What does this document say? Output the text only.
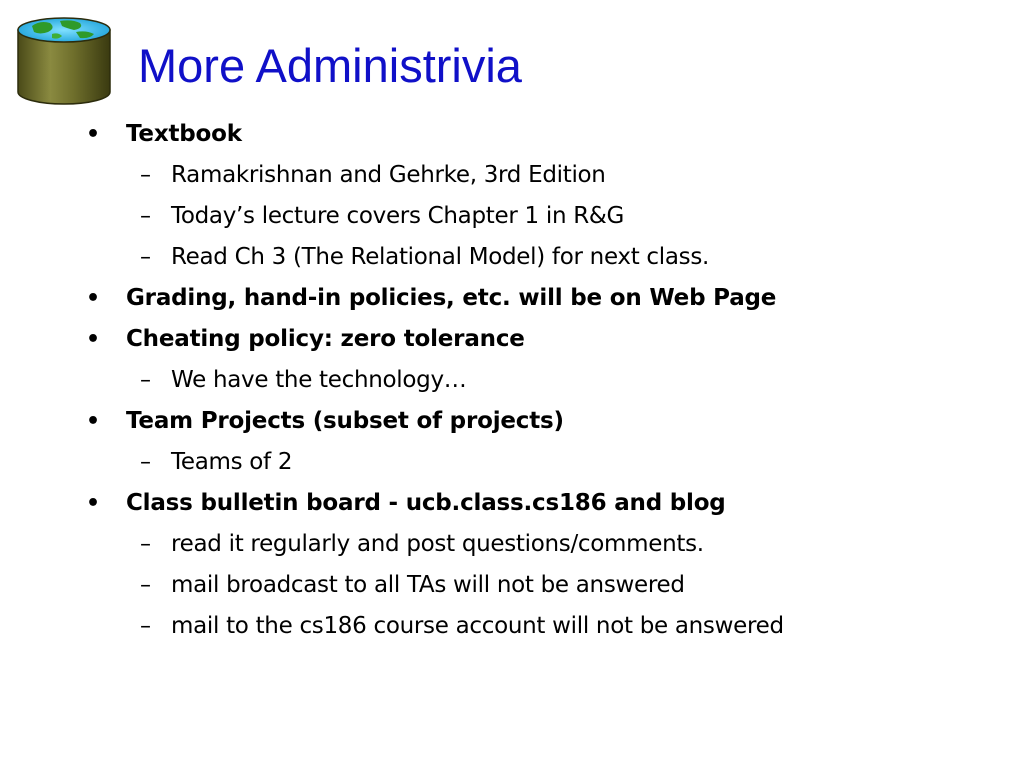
More Administrivia
• Textbook
– Ramakrishnan and Gehrke, 3rd Edition
– Today’s lecture covers Chapter 1 in R&G
– Read Ch 3 (The Relational Model) for next class.
• Grading, hand-in policies, etc. will be on Web Page
• Cheating policy: zero tolerance
– We have the technology…
• Team Projects (subset of projects)
– Teams of 2
• Class bulletin board - ucb.class.cs186 and blog
– read it regularly and post questions/comments.
– mail broadcast to all TAs will not be answered
– mail to the cs186 course account will not be answered
